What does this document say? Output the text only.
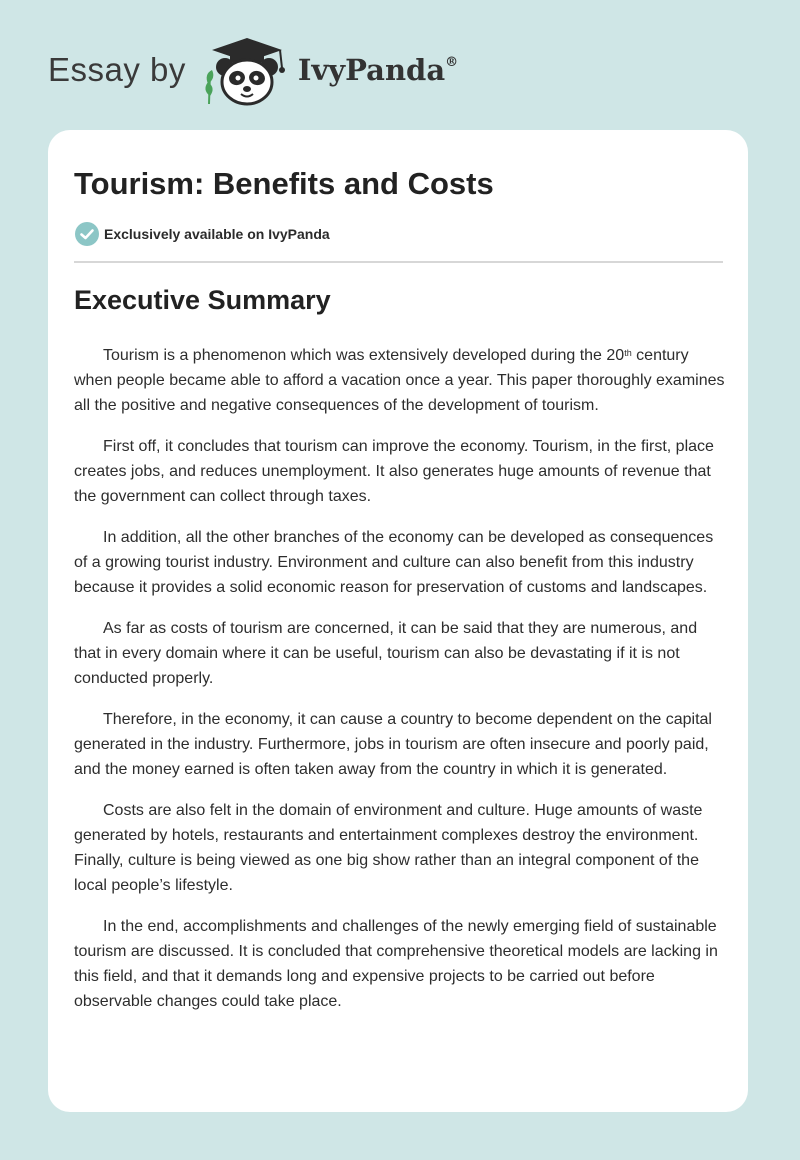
Essay by	IvyPanda®
Tourism: Benefits and Costs
Exclusively available on IvyPanda
Executive Summary

Tourism is a phenomenon which was extensively developed during the 20th century when people became able to afford a vacation once a year. This paper thoroughly examines all the positive and negative consequences of the development of tourism.

First off, it concludes that tourism can improve the economy. Tourism, in the first, place creates jobs, and reduces unemployment. It also generates huge amounts of revenue that the government can collect through taxes.

In addition, all the other branches of the economy can be developed as consequences of a growing tourist industry. Environment and culture can also benefit from this industry because it provides a solid economic reason for preservation of customs and landscapes.

As far as costs of tourism are concerned, it can be said that they are numerous, and that in every domain where it can be useful, tourism can also be devastating if it is not conducted properly.

Therefore, in the economy, it can cause a country to become dependent on the capital generated in the industry. Furthermore, jobs in tourism are often insecure and poorly paid, and the money earned is often taken away from the country in which it is generated.

Costs are also felt in the domain of environment and culture. Huge amounts of waste generated by hotels, restaurants and entertainment complexes destroy the environment. Finally, culture is being viewed as one big show rather than an integral component of the local people’s lifestyle.

In the end, accomplishments and challenges of the newly emerging field of sustainable tourism are discussed. It is concluded that comprehensive theoretical models are lacking in this field, and that it demands long and expensive projects to be carried out before observable changes could take place.
